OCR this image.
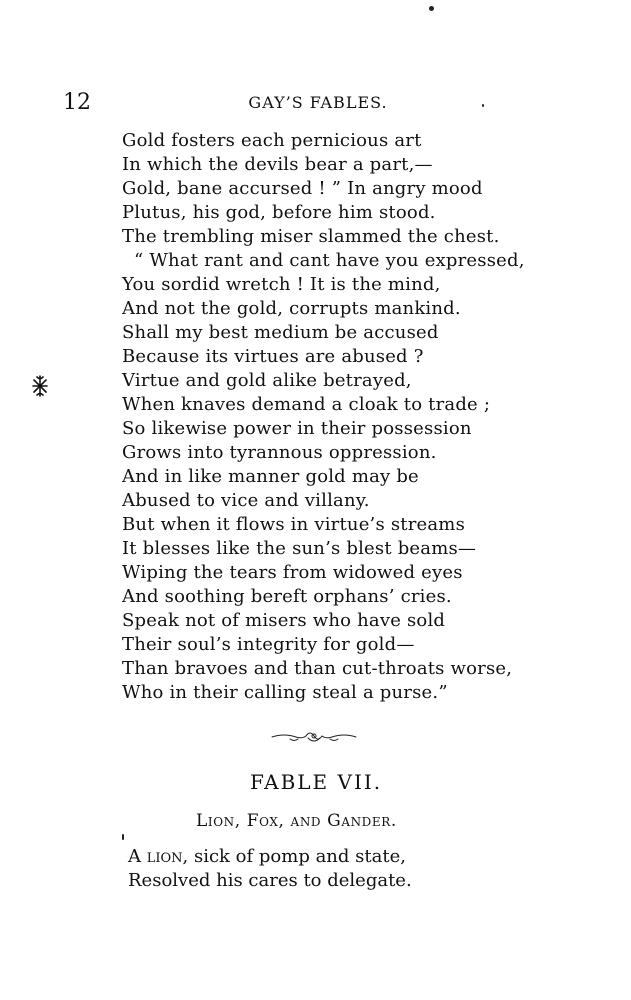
12	GAY’S FABLES.
Gold fosters each pernicious art
In which the devils bear a part,—
Gold, bane accursed ! ” In angry mood
Plutus, his god, before him stood.
The trembling miser slammed the chest.
“ What rant and cant have you expressed,
You sordid wretch ! It is the mind,
And not the gold, corrupts mankind.
Shall my best medium be accused
Because its virtues are abused ?
Virtue and gold alike betrayed,
When knaves demand a cloak to trade ;
So likewise power in their possession
Grows into tyrannous oppression.
And in like manner gold may be
Abused to vice and villany.
But when it flows in virtue’s streams
It blesses like the sun’s blest beams—
Wiping the tears from widowed eyes
And soothing bereft orphans’ cries.
Speak not of misers who have sold
Their soul’s integrity for gold—
Than bravoes and than cut-throats worse,
Who in their calling steal a purse.”
FABLE VII.
Lion, Fox, and Gander.
A lion, sick of pomp and state,
Resolved his cares to delegate.
